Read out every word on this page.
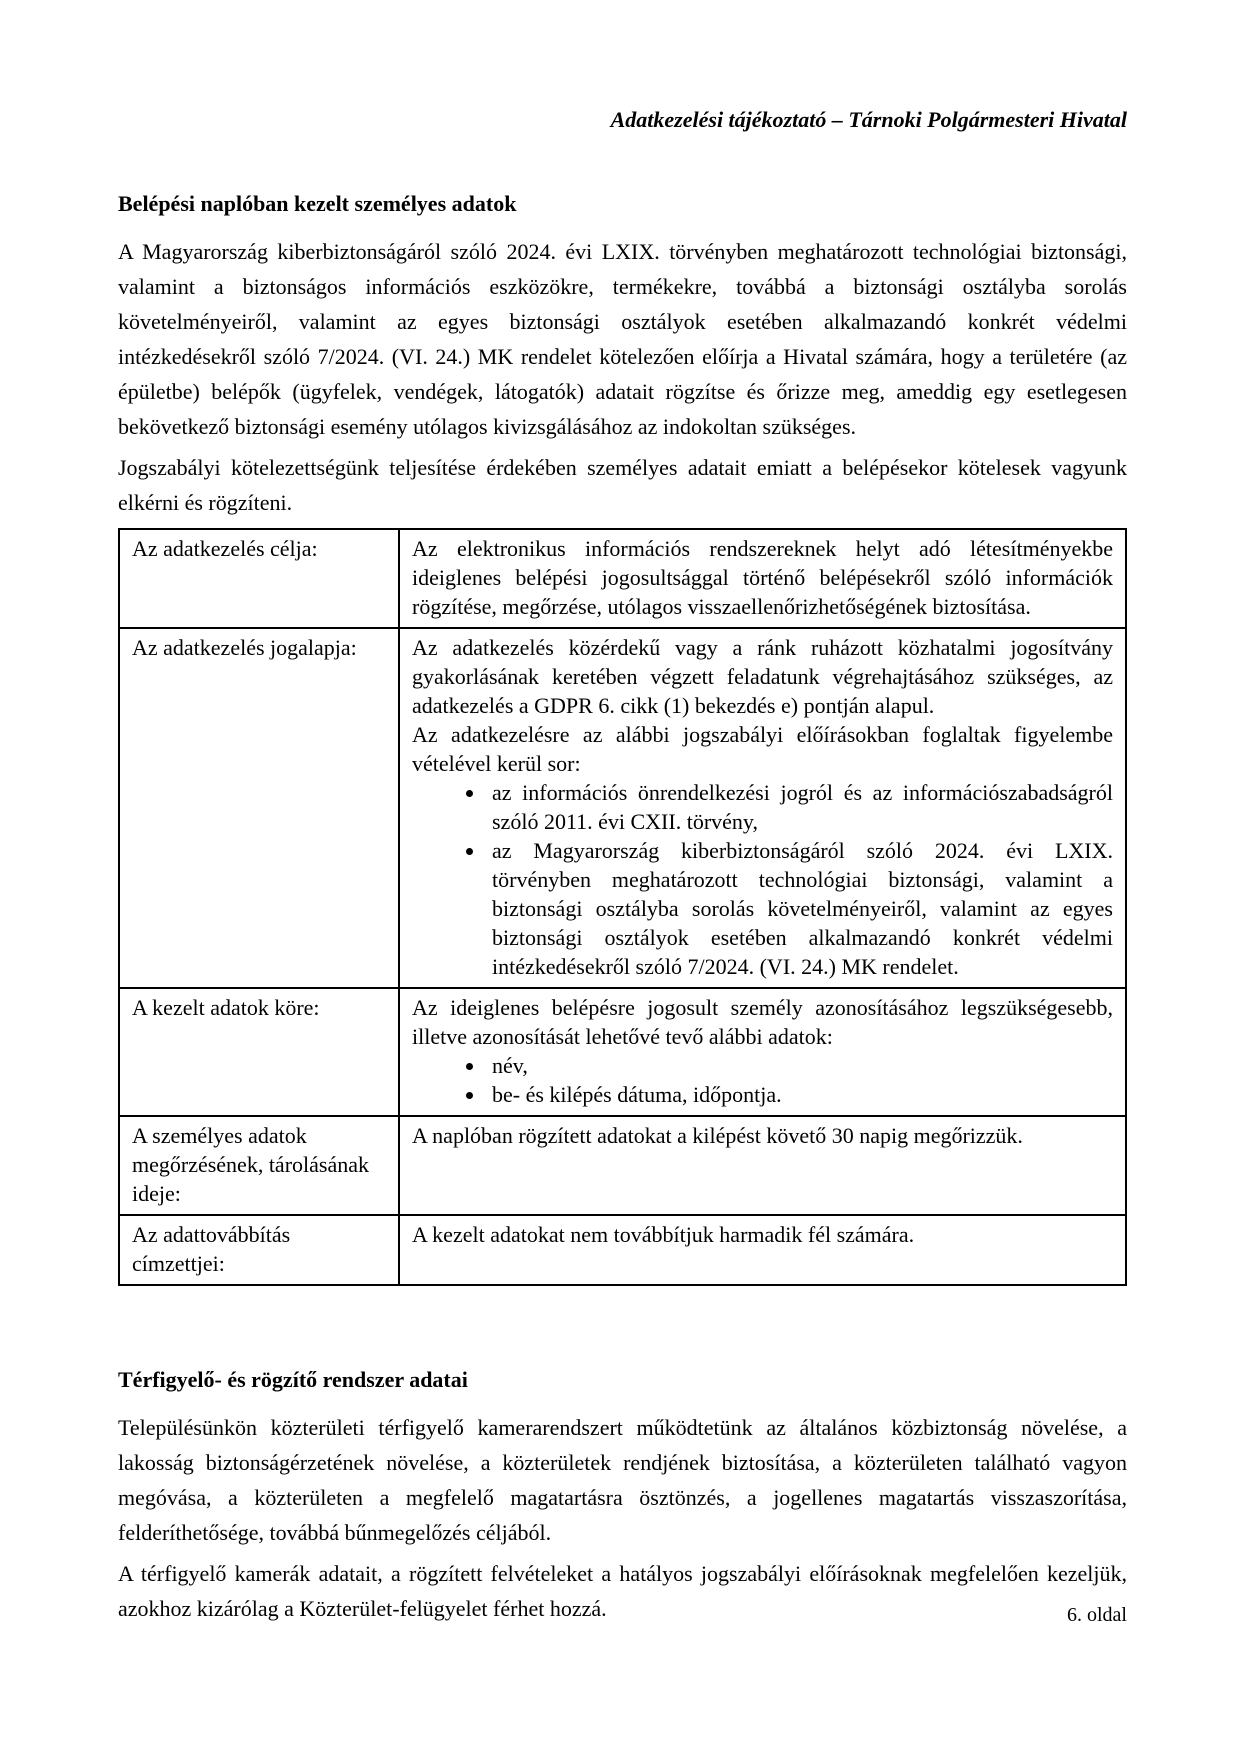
Adatkezelési tájékoztató – Tárnoki Polgármesteri Hivatal
Belépési naplóban kezelt személyes adatok

A Magyarország kiberbiztonságáról szóló 2024. évi LXIX. törvényben meghatározott technológiai biztonsági, valamint a biztonságos információs eszközökre, termékekre, továbbá a biztonsági osztályba sorolás követelményeiről, valamint az egyes biztonsági osztályok esetében alkalmazandó konkrét védelmi intézkedésekről szóló 7/2024. (VI. 24.) MK rendelet kötelezően előírja a Hivatal számára, hogy a területére (az épületbe) belépők (ügyfelek, vendégek, látogatók) adatait rögzítse és őrizze meg, ameddig egy esetlegesen bekövetkező biztonsági esemény utólagos kivizsgálásához az indokoltan szükséges.

Jogszabályi kötelezettségünk teljesítése érdekében személyes adatait emiatt a belépésekor kötelesek vagyunk elkérni és rögzíteni.

Az adatkezelés célja:	Az elektronikus információs rendszereknek helyt adó létesítményekbe ideiglenes belépési jogosultsággal történő belépésekről szóló információk rögzítése, megőrzése, utólagos visszaellenőrizhetőségének biztosítása.

Az adatkezelés jogalapja:	Az adatkezelés közérdekű vagy a ránk ruházott közhatalmi jogosítvány gyakorlásának keretében végzett feladatunk végrehajtásához szükséges, az adatkezelés a GDPR 6. cikk (1) bekezdés e) pontján alapul.

Az adatkezelésre az alábbi jogszabályi előírásokban foglaltak figyelembe vételével kerül sor:

• az információs önrendelkezési jogról és az információszabadságról szóló 2011. évi CXII. törvény,
• az Magyarország kiberbiztonságáról szóló 2024. évi LXIX. törvényben meghatározott technológiai biztonsági, valamint a biztonsági osztályba sorolás követelményeiről, valamint az egyes biztonsági osztályok esetében alkalmazandó konkrét védelmi intézkedésekről szóló 7/2024. (VI. 24.) MK rendelet.

A kezelt adatok köre:	Az ideiglenes belépésre jogosult személy azonosításához legszükségesebb, illetve azonosítását lehetővé tevő alábbi adatok:

• név,
• be- és kilépés dátuma, időpontja.

A személyes adatok megőrzésének, tárolásának ideje:	A naplóban rögzített adatokat a kilépést követő 30 napig megőrizzük.

Az adattovábbítás címzettjei:	A kezelt adatokat nem továbbítjuk harmadik fél számára.

Térfigyelő- és rögzítő rendszer adatai

Településünkön közterületi térfigyelő kamerarendszert működtetünk az általános közbiztonság növelése, a lakosság biztonságérzetének növelése, a közterületek rendjének biztosítása, a közterületen található vagyon megóvása, a közterületen a megfelelő magatartásra ösztönzés, a jogellenes magatartás visszaszorítása, felderíthetősége, továbbá bűnmegelőzés céljából.

A térfigyelő kamerák adatait, a rögzített felvételeket a hatályos jogszabályi előírásoknak megfelelően kezeljük, azokhoz kizárólag a Közterület-felügyelet férhet hozzá.	6. oldal
